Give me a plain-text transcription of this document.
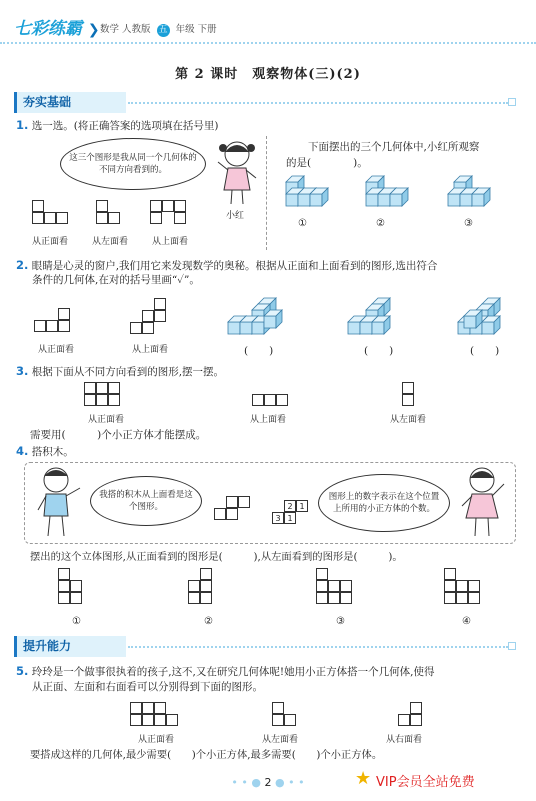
七彩练霸 ❯ 数学 人教版 五 年级 下册
第 2 课时　观察物体(三)(2)
夯实基础
1. 选一选。(将正确答案的选项填在括号里)
这三个图形是我从同一个几何体的不同方向看到的。
小红
从正面看	从左面看	从上面看
下面摆出的三个几何体中,小红所观察
的是(　　　　)。
①	②	③
2. 眼睛是心灵的窗户,我们用它来发现数学的奥秘。根据从正面和上面看到的图形,选出符合
条件的几何体,在对的括号里画“✓”。
从正面看	从上面看	(　　)	(　　)	(　　)
3. 根据下面从不同方向看到的图形,摆一摆。
从正面看	从上面看	从左面看
需要用(　　　)个小正方体才能摆成。
4. 搭积木。
我搭的积木从上面看是这个图形。	2 1
3 1
图形上的数字表示在这个位置上所用的小正方体的个数。
摆出的这个立体图形,从正面看到的图形是(　　　),从左面看到的图形是(　　　)。
①	②	③	④
提升能力
5. 玲玲是一个做事很执着的孩子,这不,又在研究几何体呢!她用小正方体搭一个几何体,使得
从正面、左面和右面看可以分别得到下面的图形。
从正面看	从左面看	从右面看
要搭成这样的几何体,最少需要(　　)个小正方体,最多需要(　　)个小正方体。
• • ● 2 ● • •	★ VIP会员全站免费
